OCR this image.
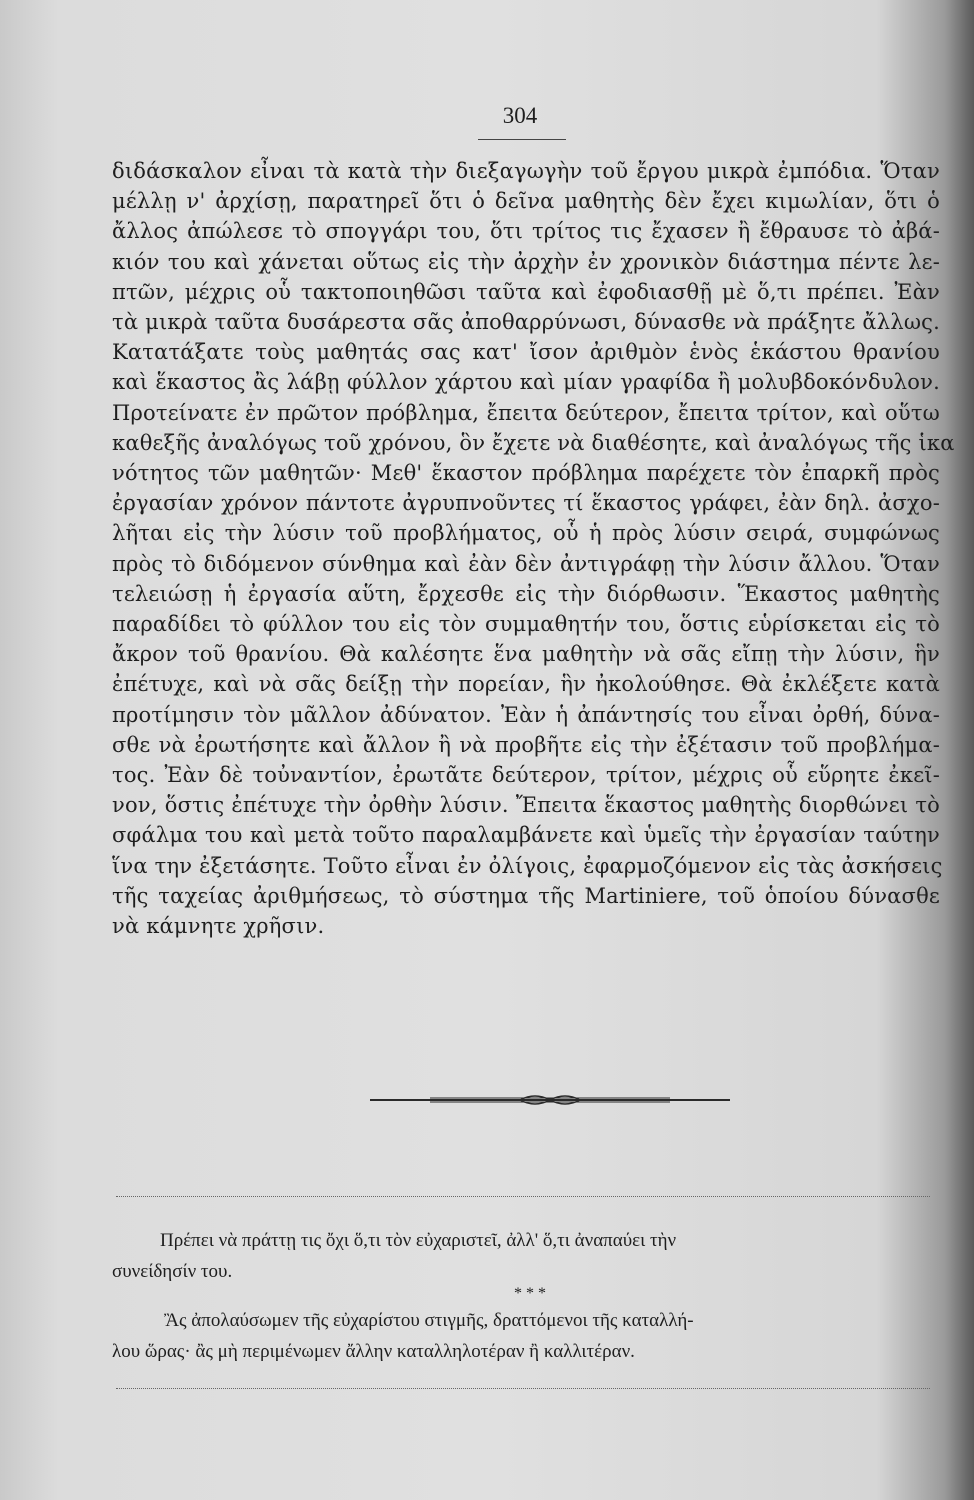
304
διδάσκαλον εἶναι τὰ κατὰ τὴν διεξαγωγὴν τοῦ ἔργου μικρὰ ἐμπόδια. Ὅταν
μέλλῃ ν' ἀρχίσῃ, παρατηρεῖ ὅτι ὁ δεῖνα μαθητὴς δὲν ἔχει κιμωλίαν, ὅτι ὁ
ἄλλος ἀπώλεσε τὸ σπογγάρι του, ὅτι τρίτος τις ἔχασεν ἢ ἔθραυσε τὸ ἀβά-
κιόν του καὶ χάνεται οὕτως εἰς τὴν ἀρχὴν ἐν χρονικὸν διάστημα πέντε λε-
πτῶν, μέχρις οὗ τακτοποιηθῶσι ταῦτα καὶ ἐφοδιασθῇ μὲ ὅ,τι πρέπει. Ἐὰν
τὰ μικρὰ ταῦτα δυσάρεστα σᾶς ἀποθαρρύνωσι, δύνασθε νὰ πράξητε ἄλλως.
Κατατάξατε τοὺς μαθητάς σας κατ' ἴσον ἀριθμὸν ἑνὸς ἑκάστου θρανίου
καὶ ἕκαστος ἂς λάβῃ φύλλον χάρτου καὶ μίαν γραφίδα ἢ μολυβδοκόνδυλον.
Προτείνατε ἐν πρῶτον πρόβλημα, ἔπειτα δεύτερον, ἔπειτα τρίτον, καὶ οὕτω
καθεξῆς ἀναλόγως τοῦ χρόνου, ὃν ἔχετε νὰ διαθέσητε, καὶ ἀναλόγως τῆς ἱκα
νότητος τῶν μαθητῶν· Μεθ' ἕκαστον πρόβλημα παρέχετε τὸν ἐπαρκῆ πρὸς
ἐργασίαν χρόνον πάντοτε ἀγρυπνοῦντες τί ἕκαστος γράφει, ἐὰν δηλ. ἀσχο-
λῆται εἰς τὴν λύσιν τοῦ προβλήματος, οὗ ἡ πρὸς λύσιν σειρά, συμφώνως
πρὸς τὸ διδόμενον σύνθημα καὶ ἐὰν δὲν ἀντιγράφῃ τὴν λύσιν ἄλλου. Ὅταν
τελειώσῃ ἡ ἐργασία αὕτη, ἔρχεσθε εἰς τὴν διόρθωσιν. Ἕκαστος μαθητὴς
παραδίδει τὸ φύλλον του εἰς τὸν συμμαθητήν του, ὅστις εὑρίσκεται εἰς τὸ
ἄκρον τοῦ θρανίου. Θὰ καλέσητε ἕνα μαθητὴν νὰ σᾶς εἴπῃ τὴν λύσιν, ἣν
ἐπέτυχε, καὶ νὰ σᾶς δείξῃ τὴν πορείαν, ἣν ἠκολούθησε. Θὰ ἐκλέξετε κατὰ
προτίμησιν τὸν μᾶλλον ἀδύνατον. Ἐὰν ἡ ἀπάντησίς του εἶναι ὀρθή, δύνα-
σθε νὰ ἐρωτήσητε καὶ ἄλλον ἢ νὰ προβῆτε εἰς τὴν ἐξέτασιν τοῦ προβλήμα-
τος. Ἐὰν δὲ τοὐναντίον, ἐρωτᾶτε δεύτερον, τρίτον, μέχρις οὗ εὕρητε ἐκεῖ-
νον, ὅστις ἐπέτυχε τὴν ὀρθὴν λύσιν. Ἔπειτα ἕκαστος μαθητὴς διορθώνει τὸ
σφάλμα του καὶ μετὰ τοῦτο παραλαμβάνετε καὶ ὑμεῖς τὴν ἐργασίαν ταύτην
ἵνα την ἐξετάσητε. Τοῦτο εἶναι ἐν ὀλίγοις, ἐφαρμοζόμενον εἰς τὰς ἀσκήσεις
τῆς ταχείας ἀριθμήσεως, τὸ σύστημα τῆς Martiniere, τοῦ ὁποίου δύνασθε
νὰ κάμνητε χρῆσιν.
Πρέπει νὰ πράττῃ τις ὄχι ὅ,τι τὸν εὐχαριστεῖ, ἀλλ' ὅ,τι ἀναπαύει τὴν
συνείδησίν του.
* * *
Ἂς ἀπολαύσωμεν τῆς εὐχαρίστου στιγμῆς, δραττόμενοι τῆς καταλλή-
λου ὥρας· ἂς μὴ περιμένωμεν ἄλλην καταλληλοτέραν ἢ καλλιτέραν.
